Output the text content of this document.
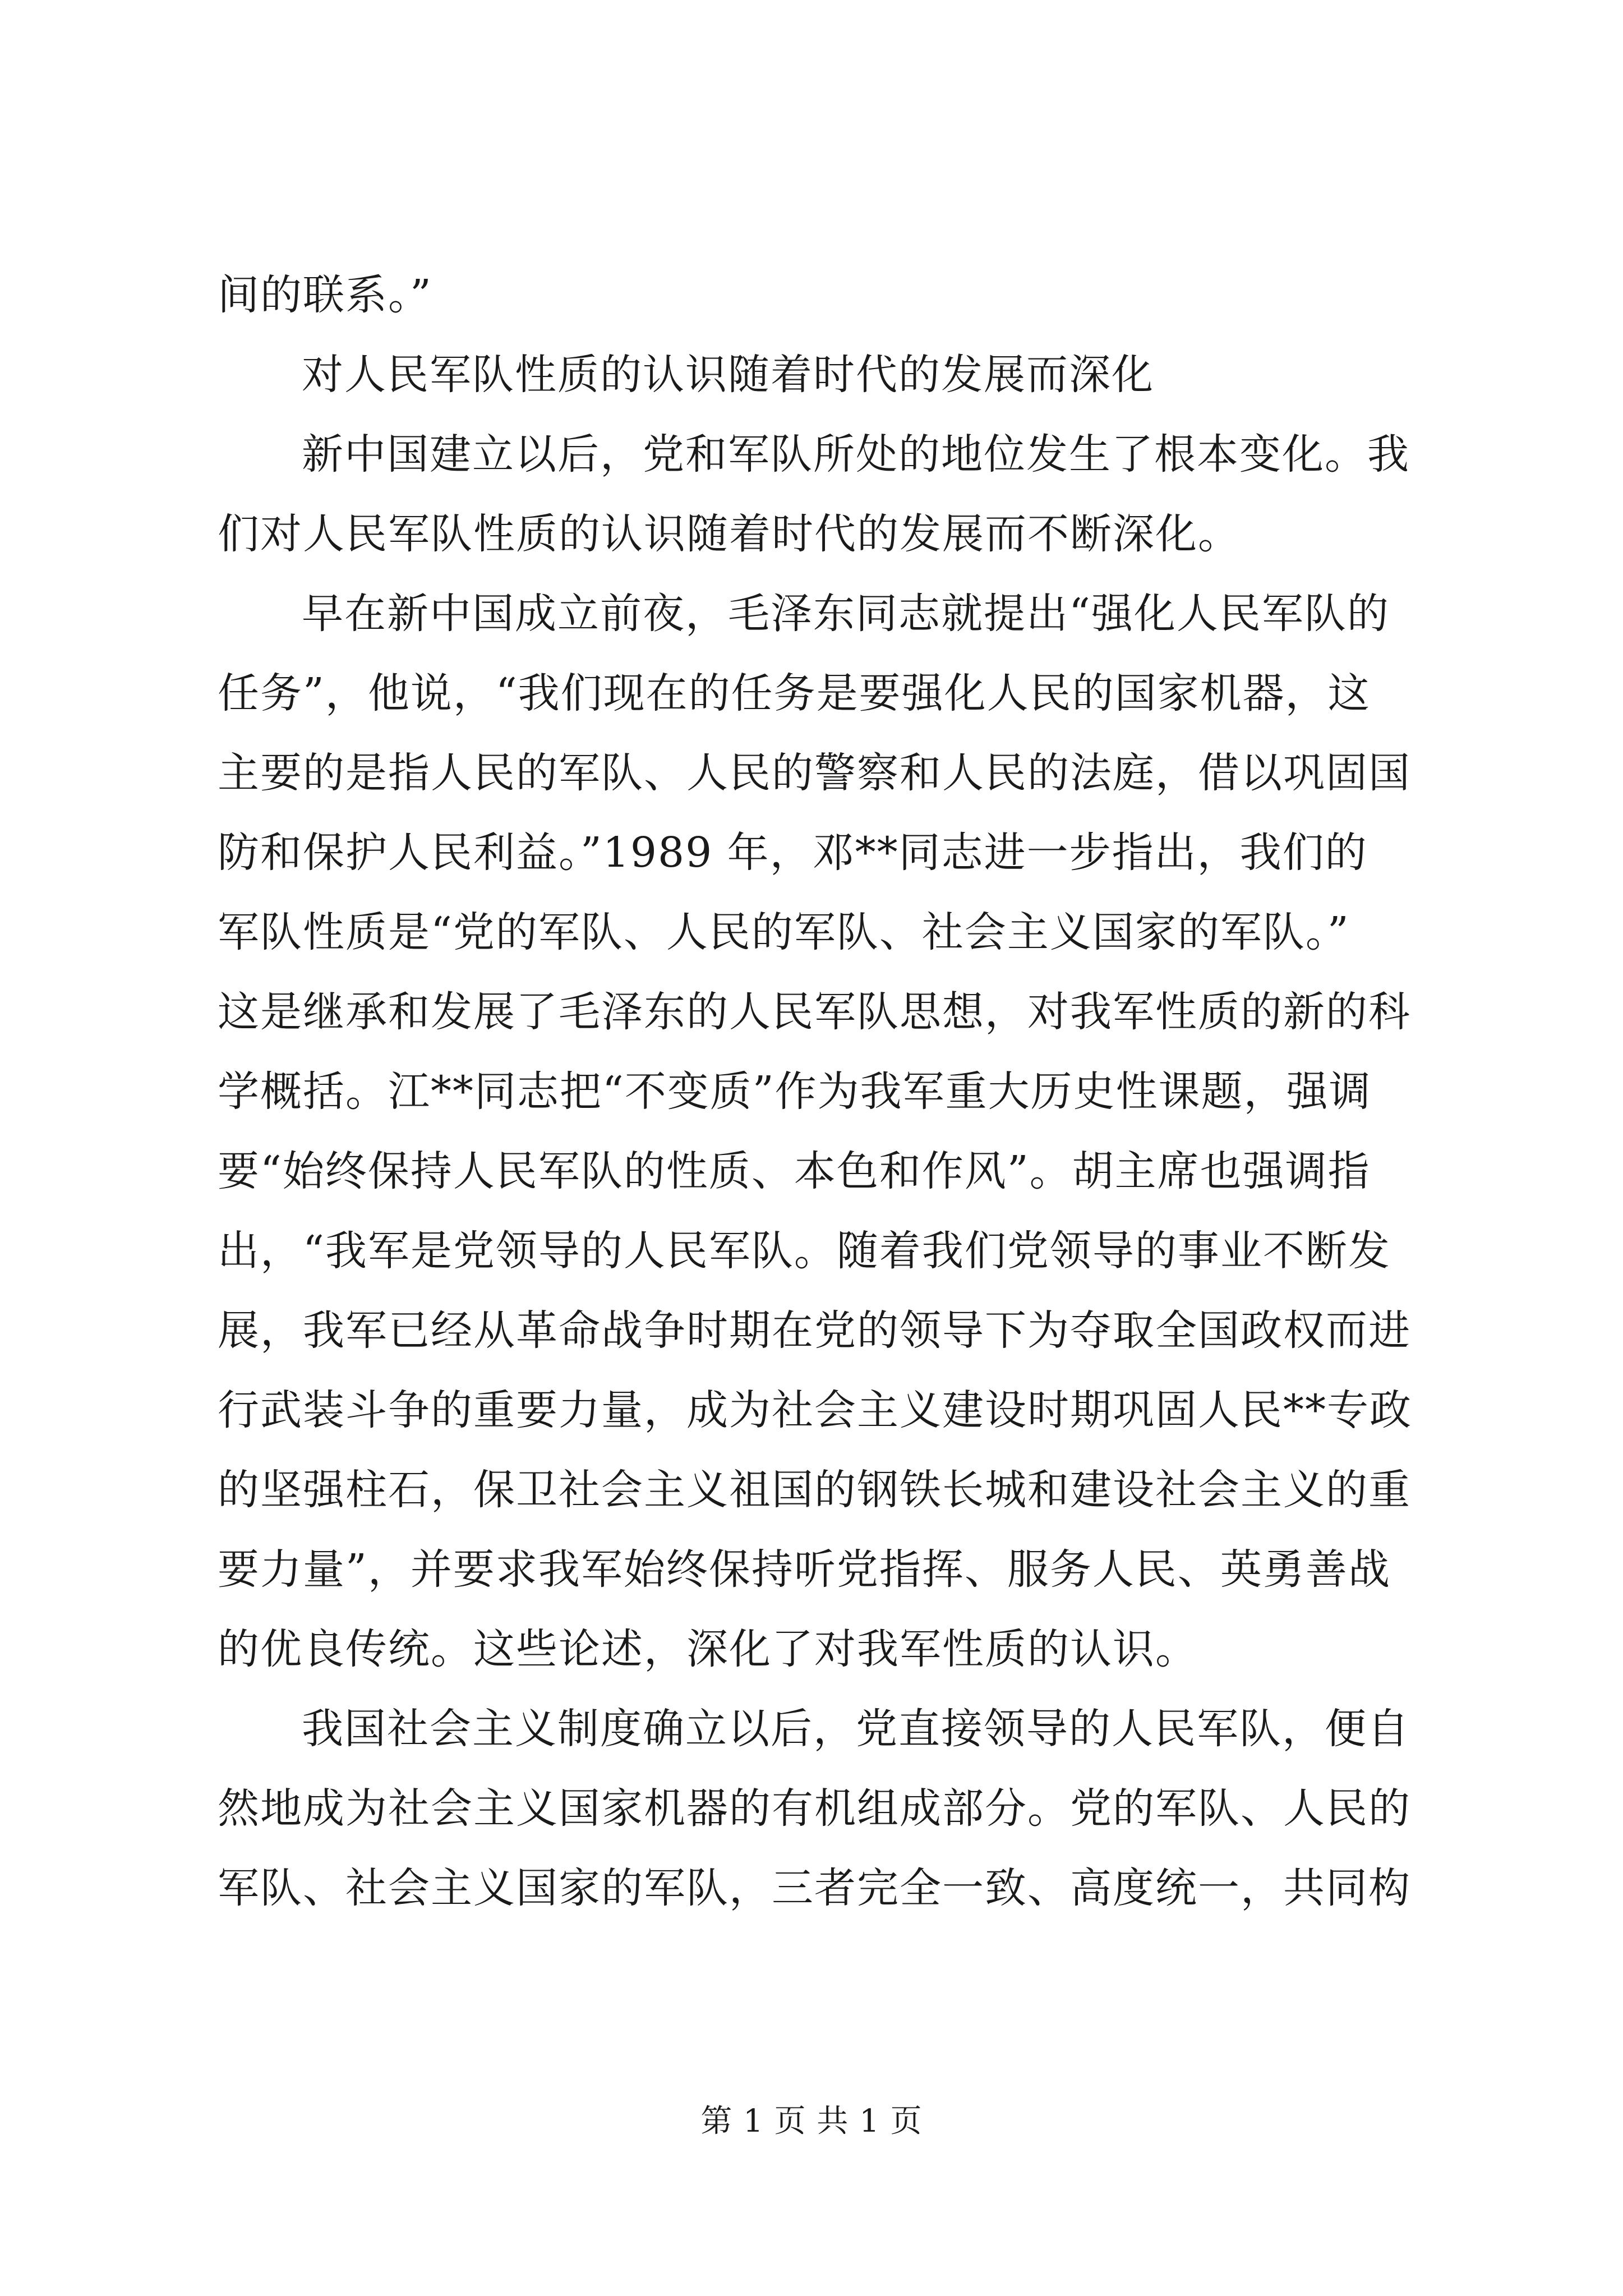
间的联系。”
对人民军队性质的认识随着时代的发展而深化
新中国建立以后，党和军队所处的地位发生了根本变化。我
们对人民军队性质的认识随着时代的发展而不断深化。
早在新中国成立前夜，毛泽东同志就提出“强化人民军队的
任务”，他说，“我们现在的任务是要强化人民的国家机器，这
主要的是指人民的军队、人民的警察和人民的法庭，借以巩固国
防和保护人民利益。”1989 年，邓**同志进一步指出，我们的
军队性质是“党的军队、人民的军队、社会主义国家的军队。”
这是继承和发展了毛泽东的人民军队思想，对我军性质的新的科
学概括。江**同志把“不变质”作为我军重大历史性课题，强调
要“始终保持人民军队的性质、本色和作风”。胡主席也强调指
出，“我军是党领导的人民军队。随着我们党领导的事业不断发
展，我军已经从革命战争时期在党的领导下为夺取全国政权而进
行武装斗争的重要力量，成为社会主义建设时期巩固人民**专政
的坚强柱石，保卫社会主义祖国的钢铁长城和建设社会主义的重
要力量”，并要求我军始终保持听党指挥、服务人民、英勇善战
的优良传统。这些论述，深化了对我军性质的认识。
我国社会主义制度确立以后，党直接领导的人民军队，便自
然地成为社会主义国家机器的有机组成部分。党的军队、人民的
军队、社会主义国家的军队，三者完全一致、高度统一，共同构
第 1 页 共 1 页
